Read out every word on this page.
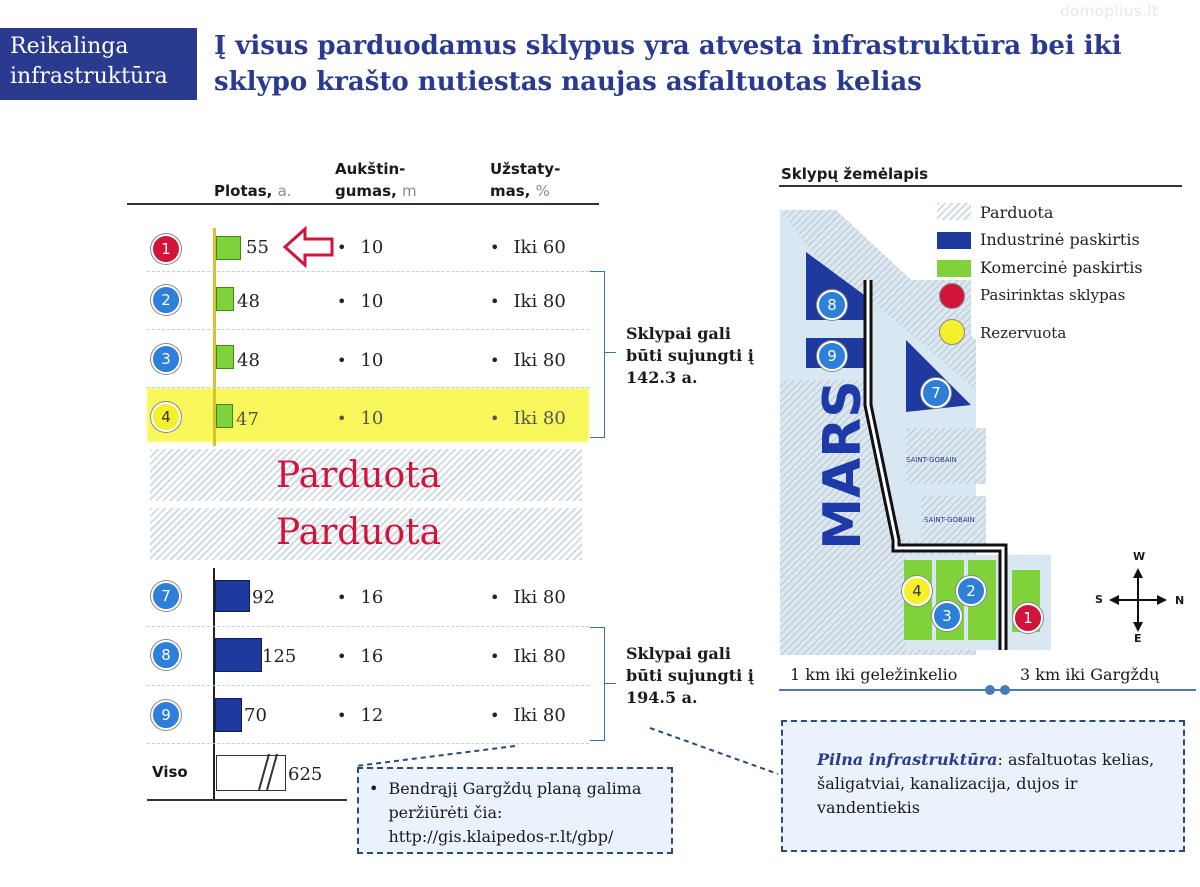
domoplius.lt
Reikalinga infrastruktūra
Į visus parduodamus sklypus yra atvesta infrastruktūra bei iki sklypo krašto nutiestas naujas asfaltuotas kelias
Plotas, a.
Aukštin-
gumas, m
Užstaty-
mas, %
1	55	• 10	• Iki 60
2	48	• 10	• Iki 80
3	48	• 10	• Iki 80
4	47	• 10	• Iki 80
Parduota
Parduota
7	92	• 16	• Iki 80
8	125	• 16	• Iki 80
9	70	• 12	• Iki 80
Viso	625
Sklypai gali būti sujungti į 142.3 a.
Sklypai gali būti sujungti į 194.5 a.
• Bendrąjį Gargždų planą galima peržiūrėti čia: http://gis.klaipedos-r.lt/gbp/
Pilna infrastruktūra: asfaltuotas kelias, šaligatviai, kanalizacija, dujos ir vandentiekis
Sklypų žemėlapis
MARS	SAINT-GOBAIN
SAINT-GOBAIN
8
9
7
2
3
4
1
Parduota
Industrinė paskirtis
Komercinė paskirtis
Pasirinktas sklypas
Rezervuota
W
S	N
E
1 km iki geležinkelio	3 km iki Gargždų
